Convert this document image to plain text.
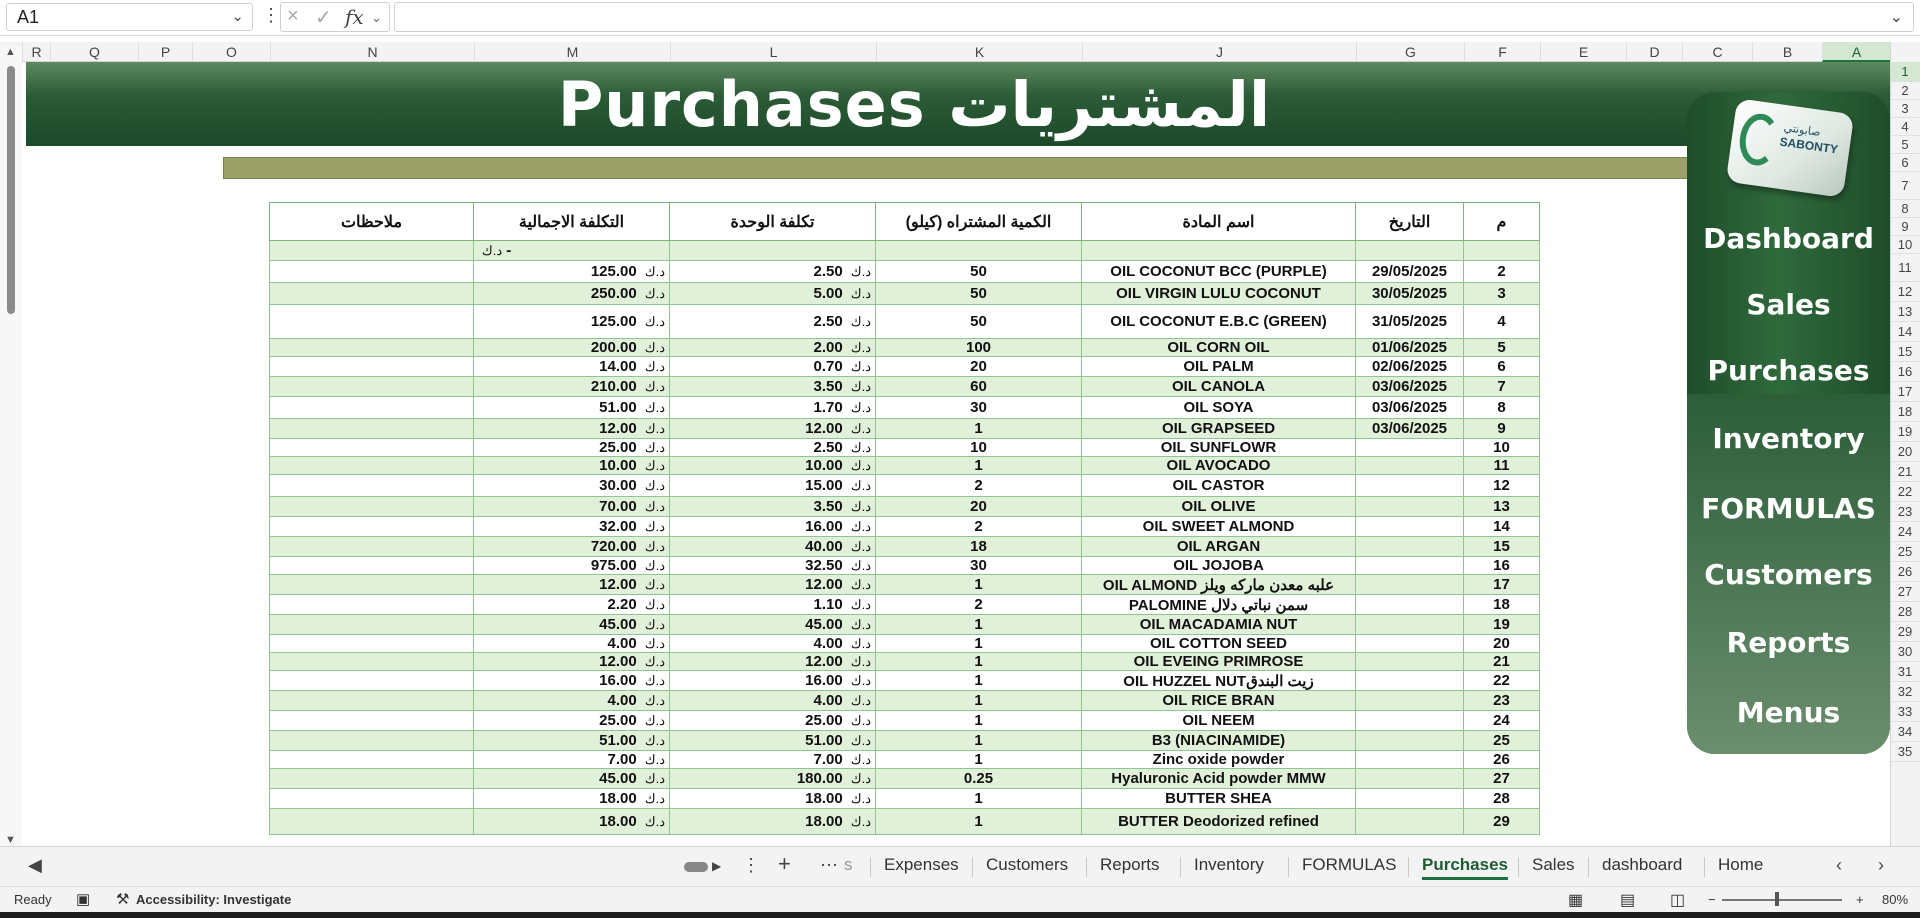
A1	⌄ ⋮ × ✓ fx ⌄	⌄
R	Q	P	O	N	M	L	K	J	G	F	E	D	C	B	A
▲
▼
Purchases المشتريات
ملاحظات	التكلفة الاجمالية	تكلفة الوحدة	الكمية المشتراه (كيلو)	اسم المادة	التاريخ	م
	د.ك -					
	د.ك 125.00	د.ك 2.50	50	OIL COCONUT BCC (PURPLE)	29/05/2025	2
	د.ك 250.00	د.ك 5.00	50	OIL VIRGIN LULU COCONUT	30/05/2025	3
	د.ك 125.00	د.ك 2.50	50	OIL COCONUT E.B.C (GREEN)	31/05/2025	4
	د.ك 200.00	د.ك 2.00	100	OIL CORN OIL	01/06/2025	5
	د.ك 14.00	د.ك 0.70	20	OIL PALM	02/06/2025	6
	د.ك 210.00	د.ك 3.50	60	OIL CANOLA	03/06/2025	7
	د.ك 51.00	د.ك 1.70	30	OIL SOYA	03/06/2025	8
	د.ك 12.00	د.ك 12.00	1	OIL GRAPSEED	03/06/2025	9
	د.ك 25.00	د.ك 2.50	10	OIL SUNFLOWR		10
	د.ك 10.00	د.ك 10.00	1	OIL AVOCADO		11
	د.ك 30.00	د.ك 15.00	2	OIL CASTOR		12
	د.ك 70.00	د.ك 3.50	20	OIL OLIVE		13
	د.ك 32.00	د.ك 16.00	2	OIL SWEET ALMOND		14
	د.ك 720.00	د.ك 40.00	18	OIL ARGAN		15
	د.ك 975.00	د.ك 32.50	30	OIL JOJOBA		16
	د.ك 12.00	د.ك 12.00	1	OIL ALMOND علبه معدن ماركه ويلز		17
	د.ك 2.20	د.ك 1.10	2	PALOMINE سمن نباتي دلال		18
	د.ك 45.00	د.ك 45.00	1	OIL MACADAMIA NUT		19
	د.ك 4.00	د.ك 4.00	1	OIL COTTON SEED		20
	د.ك 12.00	د.ك 12.00	1	OIL EVEING PRIMROSE		21
	د.ك 16.00	د.ك 16.00	1	OIL HUZZEL NUTزيت البندق		22
	د.ك 4.00	د.ك 4.00	1	OIL RICE BRAN		23
	د.ك 25.00	د.ك 25.00	1	OIL NEEM		24
	د.ك 51.00	د.ك 51.00	1	B3 (NIACINAMIDE)		25
	د.ك 7.00	د.ك 7.00	1	Zinc oxide powder		26
	د.ك 45.00	د.ك 180.00	0.25	Hyaluronic Acid powder MMW		27
	د.ك 18.00	د.ك 18.00	1	BUTTER SHEA		28
	د.ك 18.00	د.ك 18.00	1	BUTTER Deodorized refined		29
صابونتي
SABONTY
Dashboard
Sales
Purchases
Inventory
FORMULAS
Customers
Reports
Menus
1
2
3
4
5
6
7
8
9
10
11
12
13
14
15
16
17
18
19
20
21
22
23
24
25
26
27
28
29
30
31
32
33
34
35
◀	▶ ⋮ + ⋯ s	‹ ›
Expenses Customers Reports Inventory FORMULAS Purchases Sales dashboard Home
Ready ▣ ⚒ Accessibility: Investigate	▦ ▤ ◫ −	+ 80%
